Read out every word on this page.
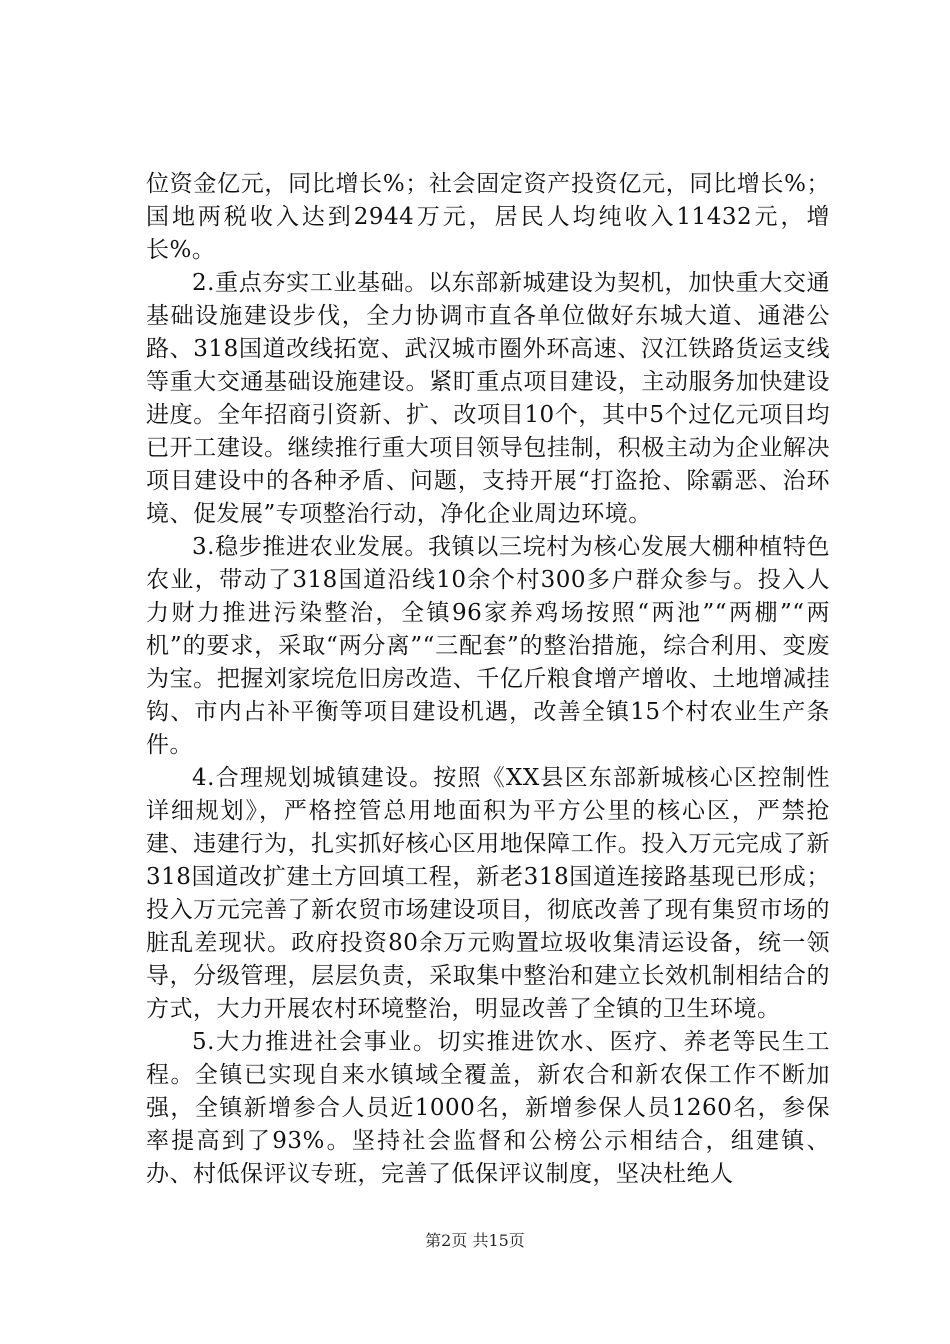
位资金亿元，同比增长%；社会固定资产投资亿元，同比增长%；国地两税收入达到2944万元，居民人均纯收入11432元，增长%。

2.重点夯实工业基础。以东部新城建设为契机，加快重大交通基础设施建设步伐，全力协调市直各单位做好东城大道、通港公路、318国道改线拓宽、武汉城市圈外环高速、汉江铁路货运支线等重大交通基础设施建设。紧盯重点项目建设，主动服务加快建设进度。全年招商引资新、扩、改项目10个，其中5个过亿元项目均已开工建设。继续推行重大项目领导包挂制，积极主动为企业解决项目建设中的各种矛盾、问题，支持开展“打盗抢、除霸恶、治环境、促发展”专项整治行动，净化企业周边环境。

3.稳步推进农业发展。我镇以三垸村为核心发展大棚种植特色农业，带动了318国道沿线10余个村300多户群众参与。投入人力财力推进污染整治，全镇96家养鸡场按照“两池”“两棚”“两机”的要求，采取“两分离”“三配套”的整治措施，综合利用、变废为宝。把握刘家垸危旧房改造、千亿斤粮食增产增收、土地增减挂钩、市内占补平衡等项目建设机遇，改善全镇15个村农业生产条件。

4.合理规划城镇建设。按照《XX县区东部新城核心区控制性详细规划》，严格控管总用地面积为平方公里的核心区，严禁抢建、违建行为，扎实抓好核心区用地保障工作。投入万元完成了新318国道改扩建土方回填工程，新老318国道连接路基现已形成；投入万元完善了新农贸市场建设项目，彻底改善了现有集贸市场的脏乱差现状。政府投资80余万元购置垃圾收集清运设备，统一领导，分级管理，层层负责，采取集中整治和建立长效机制相结合的方式，大力开展农村环境整治，明显改善了全镇的卫生环境。

5.大力推进社会事业。切实推进饮水、医疗、养老等民生工程。全镇已实现自来水镇域全覆盖，新农合和新农保工作不断加强，全镇新增参合人员近1000名，新增参保人员1260名，参保率提高到了93%。坚持社会监督和公榜公示相结合，组建镇、办、村低保评议专班，完善了低保评议制度，坚决杜绝人

第2页 共15页
